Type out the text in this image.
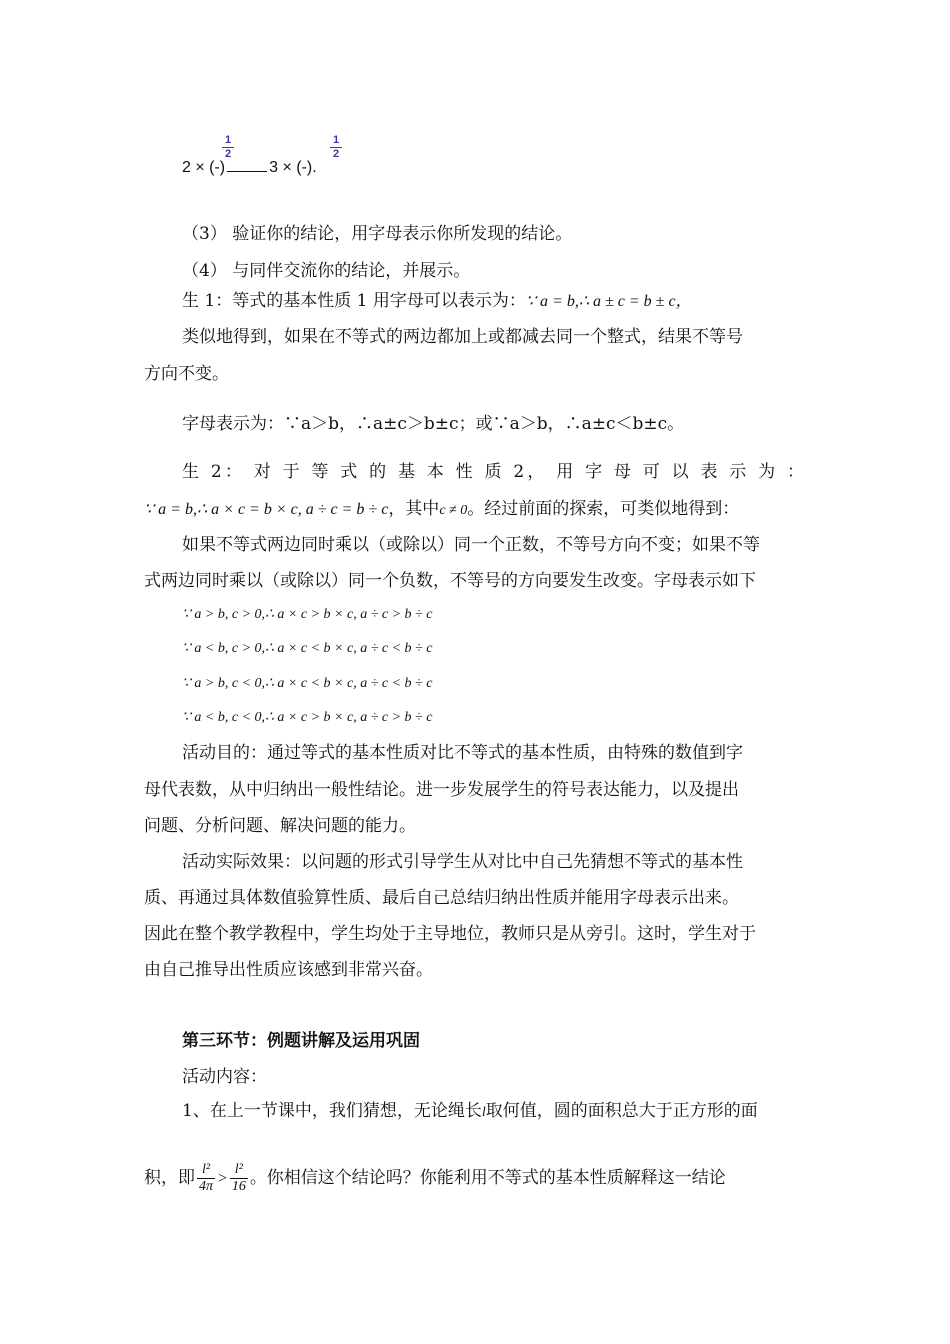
2 × (-)	3 × (-).
1
2
1
2
（3） 验证你的结论，用字母表示你所发现的结论。
（4） 与同伴交流你的结论，并展示。
生 1：等式的基本性质 1 用字母可以表示为：∵ a = b,∴ a ± c = b ± c，
类似地得到，如果在不等式的两边都加上或都减去同一个整式，结果不等号
方向不变。
字母表示为：∵a＞b，∴a±c＞b±c；或∵a＞b，∴a±c＜b±c。
生 2： 对 于 等 式 的 基 本 性 质 2， 用 字 母 可 以 表 示 为 ：
∵ a = b,∴ a × c = b × c, a ÷ c = b ÷ c，其中c ≠ 0。经过前面的探索，可类似地得到：
如果不等式两边同时乘以（或除以）同一个正数，不等号方向不变；如果不等
式两边同时乘以（或除以）同一个负数，不等号的方向要发生改变。字母表示如下
∵ a > b, c > 0,∴ a × c > b × c, a ÷ c > b ÷ c
∵ a < b, c > 0,∴ a × c < b × c, a ÷ c < b ÷ c
∵ a > b, c < 0,∴ a × c < b × c, a ÷ c < b ÷ c
∵ a < b, c < 0,∴ a × c > b × c, a ÷ c > b ÷ c
活动目的：通过等式的基本性质对比不等式的基本性质，由特殊的数值到字
母代表数，从中归纳出一般性结论。进一步发展学生的符号表达能力，以及提出
问题、分析问题、解决问题的能力。
活动实际效果：以问题的形式引导学生从对比中自己先猜想不等式的基本性
质、再通过具体数值验算性质、最后自己总结归纳出性质并能用字母表示出来。
因此在整个教学教程中，学生均处于主导地位，教师只是从旁引。这时，学生对于
由自己推导出性质应该感到非常兴奋。
第三环节：例题讲解及运用巩固
活动内容：
1、在上一节课中，我们猜想，无论绳长l取何值，圆的面积总大于正方形的面
积，即 $\frac{\text{l²}}{4\pi} > \frac{\text{l²}}{16}$ 。你相信这个结论吗？你能利用不等式的基本性质解释这一结论
